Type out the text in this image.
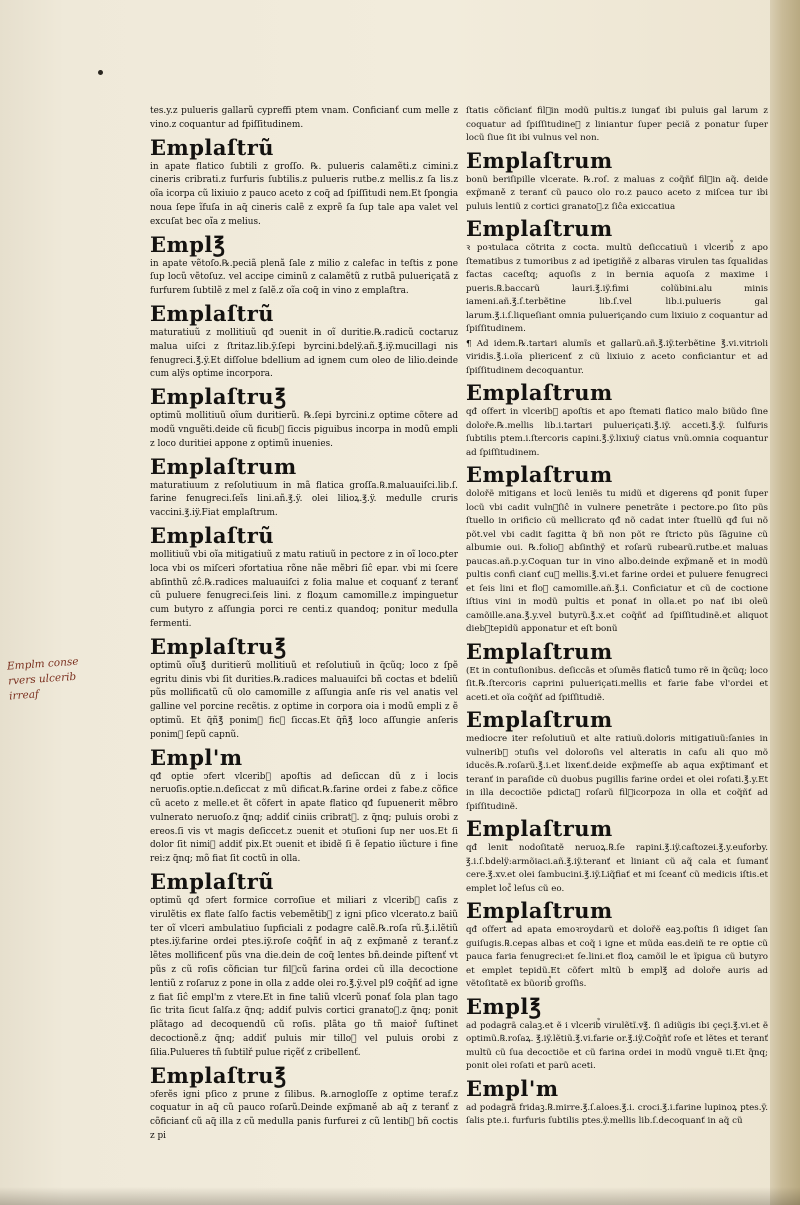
Emplm conse
rvers ulcerib
irreaf

tes.y.z pulueris gallarũ cypreffi ptem vnam. Conficianť cum melle z vino.z coquantur ad fpiſſitudinem.

Emplaſtrũ

in apate flatico ſubtili z groſſo. ℞. pulueris calamẽti.z cimini.z cineris cribrati.z furfuris ſubtilis.z pulueris rutbe.z mellis.z ſa lis.z oĩa icorpa cũ lixiuio z pauco aceto z coq̃ ad ſpiſſitudi nem.Et ſpongia noua ſepe ĩfuſa in aq̃ cineris calẽ z exprẽ ſa ſup tale apa valet vel excuſat bec oĩa z melius.

Empl℥

in apate vẽtoſo.℞.peciã plenã ſale z milio z calefac in teſtis z pone ſup locũ vẽtoſuz. vel accipe ciminũ z calamẽtũ z rutbã pulueriçatã z furfurem ſubtilẽ z mel z ſalẽ.z oĩa coq̃ in vino z emplaſtra.

Emplaſtrũ

maturatiuũ z mollitiuũ qđ ↄuenit in oĩ duritie.℞.radicũ coctaruz malua uiſci z ſtritaz.lib.ÿ.ſepi byrcini.bdelÿ.añ.℥.iÿ.mucillagi nis fenugreci.℥.ÿ.Et diſſolue bdellium ad ignem cum oleo de lilio.deinde cum alÿs optime incorpora.

Emplaſtru℥

optimũ mollitiuũ oĩum duritierũ. ℞.ſepi byrcini.z optime cõtere ad modũ vnguẽti.deide cũ ficub᷒ ſiccis piguibus incorpa in modũ empli z loco duritiei appone z optimũ inuenies.

Emplaſtrum

maturatiuum z reſolutiuum in mã flatica groſſa.℞.maluauiſci.lib.ſ. farine fenugreci.ſeĩs lini.añ.℥.ÿ. olei lilioꝝ.℥.ÿ. medulle cruris vaccini.℥.iÿ.Fiat emplaſtrum.

Emplaſtrũ

mollitiuũ vbi oĩa mitigatiuũ z matu ratiuũ in pectore z in oĩ loco.ꝑter loca vbi os miſceri ↄfortatiua rõne nãe mẽbri ſiĉ epar. vbi mi ſcere abſinthũ zĉ.℞.radices maluauiſci z folia malue et coquanť z teranť cũ puluere fenugreci.ſeis lini. z floꝝum camomille.z impinguetur cum butyro z aſſungia porci re centi.z quandoq; ponitur medulla fermenti.

Emplaſtru℥

optimũ oĩu℥ duritierũ mollitiuũ et reſolutiuũ in q̃cũq; loco z ſpẽ egritu dinis vbi ſit durities.℞.radices maluauiſci bñ coctas et bdeliũ pũs mollificatũ cũ olo camomille z aſſungia anſe ris vel anatis vel galline vel porcine recẽtis. z optime in corpora oia i modũ empli z ẽ optimũ. Et q̃ñ℥ ponim᷒ fic᷒ ſiccas.Et q̃ñ℥ loco aſſungie anſeris ponim᷒ ſepũ capnũ.

Empl'm

qđ optie ↄfert vlcerib᷒ apoſtis ad deſiccan dũ z i locis neruoſis.optie.n.deſiccat z mũ dificat.℞.farine ordei z fabe.z cõfice cũ aceto z melle.et ẽt cõfert in apate flatico qđ ſupuenerit mẽbro vulnerato neruoſo.z q̃nq; addiť ciniis cribrat᷒. z q̃nq; puluis orobi z ereos.ſi vis vt magis deſiccet.z ↄuenit et ↄtuſioni ſup ner uos.Et ſi dolor ſit nimi᷒ addiť pix.Et ↄuenit et ibidẽ ſi ẽ ſepatio iũcture i fine rei:z q̃nq; mõ fiat ſit coctũ in olla.

Emplaſtrũ

optimũ qđ ↄfert formice corroſiue et miliari z vlcerib᷒ caſis z virulẽtis ex flate ſalſo factis vebemẽtib᷒ z igni pſico vlcerato.z baiũ ter oĩ vlceri ambulatiuo ſupficiali z podagre calẽ.℞.roſa rũ.℥.i.lẽtiũ ptes.iÿ.farine ordei ptes.iÿ.roſe coq̃ñť in aq̃ z exp̃maně z teranť.z lẽtes mollificenť pũs vna die.dein de coq̃ lentes bñ.deinde piſtenť vt pũs z cũ roſis cõfician tur fil᷒cũ farina ordei cũ illa decoctione lentiũ z roſaruz z pone in olla z adde olei ro.℥.ÿ.vel pl9 coq̃ñť ad igne z fiat ſiĉ empl'm z vtere.Et in fine taliũ vlcerũ ponať ſola plan tago ſic trita ſicut ſalſa.z q̃nq; addiť pulvis cortici granatoꝝ.z q̃nq; ponit plãtago ad decoquendũ cũ roſis. plãta go tñ maioř ſuſtinet decoctionẽ.z q̃nq; addiť puluis mir tilloꝝ vel puluis orobi z ſilia.Pulueres tñ ſubtilř pulue riçẽť z cribellenť.

Emplaſtru℥

ↄferẽs igni pſico z prune z ſilibus. ℞.arnogloſſe z optime teraf.z coquatur in aq̃ cũ pauco roſarũ.Deinde exp̃maně ab aq̃ z teranť z cõficianť cũ aq̃ illa z cũ medulla panis furfurei z cũ lentib᷒ bñ coctis z pi

ſtatis cõficianť fil᷒in modũ pultis.z iungať ibi puluis gal larum z coquatur ad ſpiſſitudineꝫ z liniantur ſuper peciã z ponatur ſuper locũ ſiue ſit ibi vulnus vel non.

Emplaſtrum

bonũ beriſipille vlcerate. ℞.roſ. z maluas z coq̃ñť fil᷒in aq̃. deide exp̃maně z teranť cũ pauco olo ro.z pauco aceto z miſcea tur ibi puluis lentiũ z cortici granatoꝝ.z ſiĉa exiccatiua

Emplaſtrum

ꝛ poꝛtulaca cõtrita z cocta. multũ deſiccatiuũ i vlcerib᷒ z apo ſtematibus z tumoribus z ad ipetigiňẽ z albaras virulen tas ſqualidas factas caceſtq; aquoſis z in bernia aquoſa z maxime i pueris.℞.baccarũ lauri.℥.iÿ.fimi colũbini.alu minis iameni.añ.℥.ſ.terbẽtine lib.ſ.vel lib.i.pulueris gal larum.℥.i.ſ.liqueſiant omnia pulueriçando cum lixiuio z coquantur ad ſpiſſitudinem.

¶ Ad idem.℞.tartari alumĩs et gallarũ.añ.℥.iÿ.terbẽtine ℥.vi.vitrioli viridis.℥.i.oĩa pliericenť z cũ lixiuio z aceto conficiantur et ad ſpiſſitudinem decoquantur.

Emplaſtrum

qđ oſfert in vlcerib᷒ apoſtis et apo ſtemati flatico malo biũdo ſine doloře.℞.mellis lib.i.tartari pulueriçati.℥.iÿ. acceti.℥.ÿ. ſulfuris ſubtilis ptem.i.ſtercoris capini.℥.ÿ.lixiuÿ ciatus vnũ.omnia coquantur ad ſpiſſitudinem.

Emplaſtrum

dolořẽ mitigans et locũ leniẽs tu midũ et digerens qđ ponit ſuper locũ vbi cadit vuln᷒ſiĉ in vulnere penetrãte i pectore.po ſito pũs ſtuello in orificio cũ mellicrato qđ nõ cadat inter ſtuellũ qđ ſui nõ põt.vel vbi cadit ſagitta q̃ bñ non põt re ſtricto pũs ſãguine cũ albumie oui. ℞.folioꝝ abſinthÿ et roſarũ rubearũ.rutbe.et maluas paucas.añ.p.y.Coquan tur in vino albo.deinde exp̃maně et in modũ pultis confi cianť cuꝫ mellis.℥.vi.et farine ordei et puluere fenugreci et ſeis lini et floꝝ camomille.añ.℥.i. Conficiatur et cũ de coctione iſtius vini in modũ pultis et ponať in olla.et po nať ibi oleũ camõille.ana.℥.y.vel butyrũ.℥.x.et coq̃ñť ad ſpiſſitudinẽ.et aliquot dieb᷒tepidũ apponatur et eſt bonũ

Emplaſtrum

(Et in contuſionibus. deſiccãs et ↄſumẽs flaticů tumo rẽ in q̃cũq; loco ſit.℞.ſtercoris caprini pulueriçati.mellis et farie fabe vl'ordei et aceti.et oĩa coq̃ñť ad ſpiſſitudiẽ.

Emplaſtrum

mediocre iter reſolutiuũ et alte ratiuũ.doloris mitigatiuũ:ſanies in vulnerib᷒ ↄtuſis vel doloroſis vel alteratis in caſu ali quo mõ iducẽs.℞.roſarũ.℥.i.et lixenť.deide exp̃meſſe ab aqua exp̃timanť et teranť in paraſide cũ duobus pugillis farine ordei et olei roſati.℥.y.Et in illa decoctiõe pdictaꝝ roſarũ fil᷒icorpoza in olla et coq̃ñť ad ſpiſſitudinẽ.

Emplaſtrum

qđ lenit nodoſitatẽ neruoꝝ.℞.ſe rapini.℥.iÿ.caſtozei.℥.y.euforby. ℥.i.ſ.bdelÿ:armõiaci.añ.℥.iÿ.teranť et liniant cũ aq̃ cala et ſumanť cere.℥.xv.et olei ſambucini.℥.iÿ.Liq̃fiať et mi ſceanť cũ medicis iſtis.et emplet loc᷒ leſus cũ eo.

Emplaſtrum

qđ oſfert ad apata emoꝛroydarũ et dolořẽ eaꝫ.poſtis ſi idiget ſan guiſugis.℞.cepas albas et coq̃ i igne et mũda eas.deiñ te re optie cũ pauca faria fenugreci:et ſe.lini.et floꝝ camõil le et ĩpigua cũ butyro et emplet tepidũ.Et cõfert mltũ b empl℥ ad doloře auris ad vẽtoſitatẽ ex bũorib᷒ groſſis.

Empl℥

ad podagrã calaꝫ.et ẽ i vlcerib᷒ virulẽtĩ.v℥. ſi adiũgis ibi çeçi.℥.vi.et ẽ optimũ.℞.roſaꝝ. ℥.iÿ.lẽtiũ.℥.vi.farie or.℥.iÿ.Coq̃ñť roſe et lẽtes et teranť multũ cũ ſua decoctiõe et cũ farina ordei in modũ vnguẽ ti.Et q̃nq; ponit olei roſati et parũ aceti.

Empl'm

ad podagrã fridaꝫ.℞.mirre.℥.ſ.aloes.℥.i. croci.℥.i.farine lupinoꝝ ptes.ÿ. ſalis pte.i. furfuris ſubtilis ptes.ÿ.mellis lib.ſ.decoquanť in aq̃ cũ
